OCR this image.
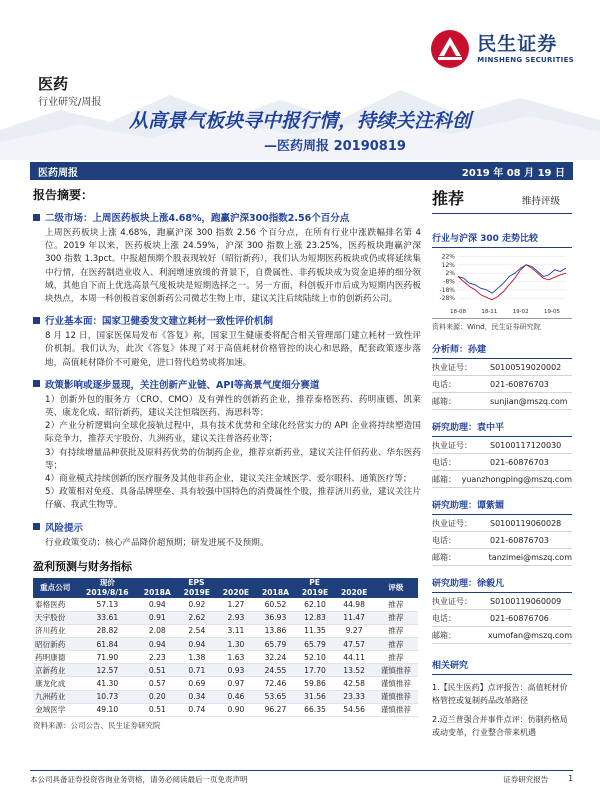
民生证券
MINSHENG SECURITIES
医药
行业研究/周报
从高景气板块寻中报行情，持续关注科创
—医药周报 20190819
医药周报	2019 年 08 月 19 日
报告摘要：
二级市场：上周医药板块上涨4.68%，跑赢沪深300指数2.56个百分点
上周医药板块上涨 4.68%，跑赢沪深 300 指数 2.56 个百分点，在所有行业中涨跌幅排名第 4 位。2019 年以来，医药板块上涨 24.59%，沪深 300 指数上涨 23.25%，医药板块跑赢沪深 300 指数 1.3pct。中报超预期个股表现较好（昭衍新药），我们认为短期医药板块或仍或将延续集中行情，在医药制造业收入、利润增速放缓的背景下，自费属性、非药板块成为资金追捧的细分领域，其他自下而上优选高景气度板块是短期选择之一。另一方面，科创板开市后成为短期内医药板块热点，本周一科创板首家创新药公司微芯生物上市，建议关注后续陆续上市的创新药公司。
行业基本面：国家卫健委发文建立耗材一致性评价机制
8 月 12 日，国家医保局发布《答复》称，国家卫生健康委将配合相关管理部门建立耗材一致性评价机制。我们认为，此次《答复》体现了对于高值耗材价格管控的决心和思路，配套政策逐步落地，高值耗材降价不可避免，进口替代趋势或将加速。
政策影响或逐步显现，关注创新产业链、API等高景气度细分赛道
1）创新外包的服务方（CRO、CMO）及有弹性的创新药企业，推荐泰格医药、药明康德、凯莱英、康龙化成、昭衍新药，建议关注恒瑞医药、海思科等；
2）产业分析逻辑向全球化接轨过程中，具有技术优势和全球化经营实力的 API 企业将持续塑造国际竞争力，推荐天宇股份、九洲药业，建议关注普洛药业等；
3）有持续增量品种获批及原料药优势的仿制药企业，推荐京新药业，建议关注仟佰药业、华东医药等；
4）商业模式持续创新的医疗服务及其他非药企业，建议关注金域医学、爱尔眼科、通策医疗等；
5）政策相对免疫、具备品牌壁垒、具有较强中国特色的消费属性个股，推荐济川药业，建议关注片仔癀、我武生物等。
风险提示
行业政策变动；核心产品降价超预期；研发进展不及预期。
盈利预测与财务指标
重点公司	现价	EPS			PE			评级
	2019/8/16	2018A	2019E	2020E	2018A	2019E	2020E	
泰格医药	57.13	0.94	0.92	1.27	60.52	62.10	44.98	推荐
天宇股份	33.61	0.91	2.62	2.93	36.93	12.83	11.47	推荐
济川药业	28.82	2.08	2.54	3.11	13.86	11.35	9.27	推荐
昭衍新药	61.84	0.94	0.94	1.30	65.79	65.79	47.57	推荐
药明康德	71.90	2.23	1.38	1.63	32.24	52.10	44.11	推荐
京新药业	12.57	0.51	0.71	0.93	24.55	17.70	13.52	谨慎推荐
康龙化成	41.30	0.57	0.69	0.97	72.46	59.86	42.58	谨慎推荐
九洲药业	10.73	0.20	0.34	0.46	53.65	31.56	23.33	谨慎推荐
金域医学	49.10	0.51	0.74	0.90	96.27	66.35	54.56	谨慎推荐
资料来源：公司公告、民生证券研究院
推荐	维持评级
行业与沪深 300 走势比较
22%
12%
2%
-8%
-18%
-28%
18-08	18-11	19-02	19-05
资料来源：Wind，民生证券研究院
分析师：孙建
执业证号：	S0100519020002
电话：	021-60876703
邮箱：	sunjian@mszq.com
研究助理：袁中平
执业证号：	S0100117120030
电话：	021-60876703
邮箱： yuanzhongping@mszq.com
研究助理：谭紫媚
执业证号：	S0100119060028
电话：	021-60876703
邮箱：	tanzimei@mszq.com
研究助理：徐毅凡
执业证号：	S0100119060009
电话：	021-60876706
邮箱：	xumofan@mszq.com
相关研究
1.【民生医药】点评报告：高值耗材价格管控或复制药品改革路径
2.迈兰普强合并事件点评：仿制药格局或动变革，行业整合带来机遇
本公司具备证券投资咨询业务资格，请务必阅读最后一页免责声明	证券研究报告	1
